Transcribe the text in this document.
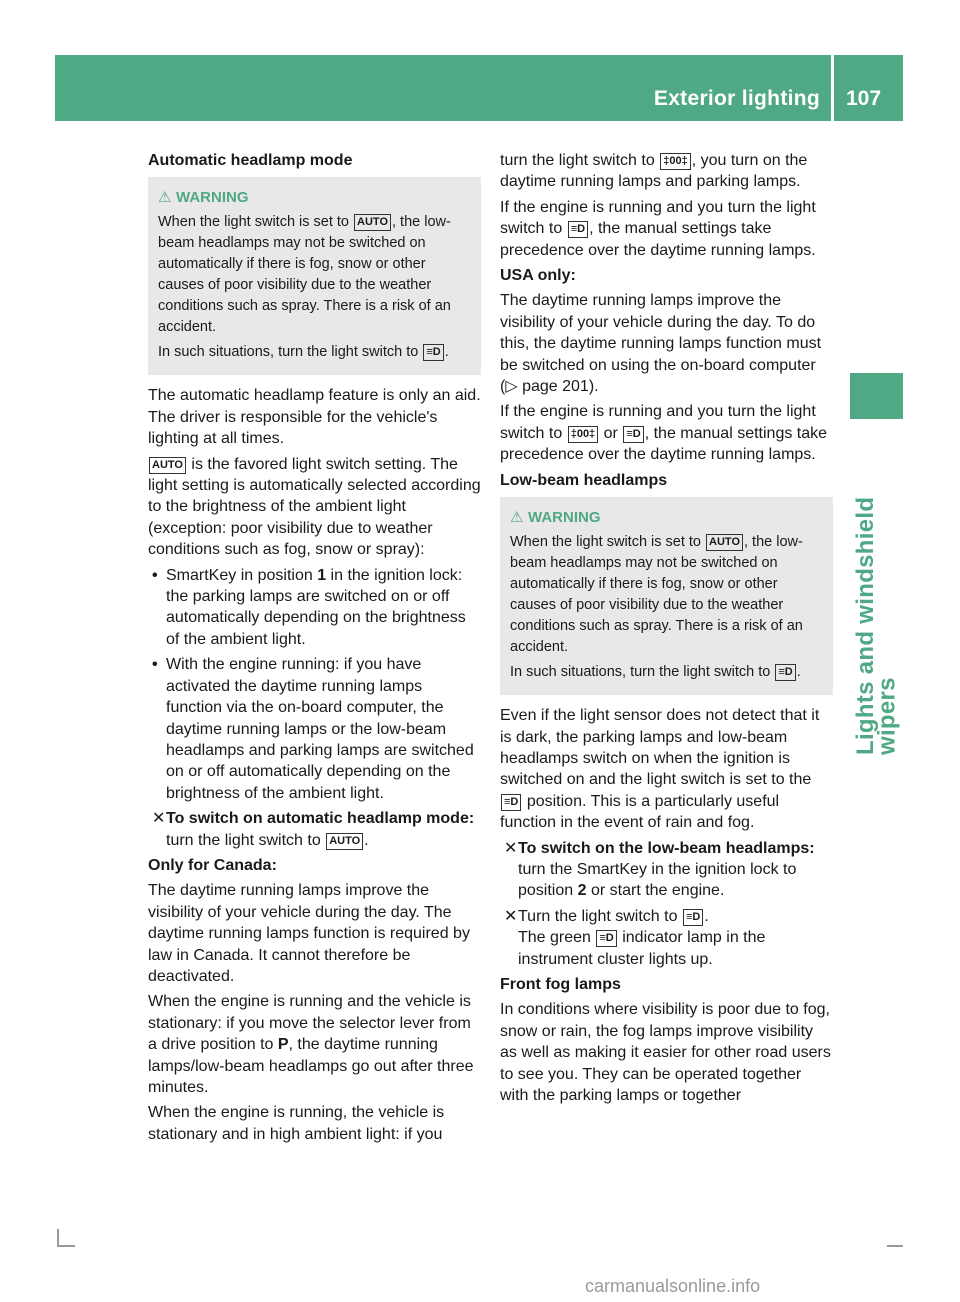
Exterior lighting 107
Lights and windshield wipers

Automatic headlamp mode

⚠ WARNING

When the light switch is set to AUTO , the low-beam headlamps may not be switched on automatically if there is fog, snow or other causes of poor visibility due to the weather conditions such as spray. There is a risk of an accident.

In such situations, turn the light switch to ≡D .

The automatic headlamp feature is only an aid. The driver is responsible for the vehicle's lighting at all times.

AUTO is the favored light switch setting. The light setting is automatically selected according to the brightness of the ambient light (exception: poor visibility due to weather conditions such as fog, snow or spray):

• SmartKey in position 1 in the ignition lock: the parking lamps are switched on or off automatically depending on the brightness of the ambient light.
• With the engine running: if you have activated the daytime running lamps function via the on-board computer, the daytime running lamps or the low-beam headlamps and parking lamps are switched on or off automatically depending on the brightness of the ambient light.
✕ To switch on automatic headlamp mode: turn the light switch to AUTO .

Only for Canada:

The daytime running lamps improve the visibility of your vehicle during the day. The daytime running lamps function is required by law in Canada. It cannot therefore be deactivated.

When the engine is running and the vehicle is stationary: if you move the selector lever from a drive position to P, the daytime running lamps/low-beam headlamps go out after three minutes.

When the engine is running, the vehicle is stationary and in high ambient light: if you

turn the light switch to ‡00‡ , you turn on the daytime running lamps and parking lamps.

If the engine is running and you turn the light switch to ≡D , the manual settings take precedence over the daytime running lamps.

USA only:

The daytime running lamps improve the visibility of your vehicle during the day. To do this, the daytime running lamps function must be switched on using the on-board computer (▷ page 201).

If the engine is running and you turn the light switch to ‡00‡ or ≡D , the manual settings take precedence over the daytime running lamps.

Low-beam headlamps

⚠ WARNING

When the light switch is set to AUTO , the low-beam headlamps may not be switched on automatically if there is fog, snow or other causes of poor visibility due to the weather conditions such as spray. There is a risk of an accident.

In such situations, turn the light switch to ≡D .

Even if the light sensor does not detect that it is dark, the parking lamps and low-beam headlamps switch on when the ignition is switched on and the light switch is set to the ≡D position. This is a particularly useful function in the event of rain and fog.

✕ To switch on the low-beam headlamps: turn the SmartKey in the ignition lock to position 2 or start the engine.
✕ Turn the light switch to ≡D .
The green ≡D indicator lamp in the instrument cluster lights up.

Front fog lamps

In conditions where visibility is poor due to fog, snow or rain, the fog lamps improve visibility as well as making it easier for other road users to see you. They can be operated together with the parking lamps or together

carmanualsonline.info
